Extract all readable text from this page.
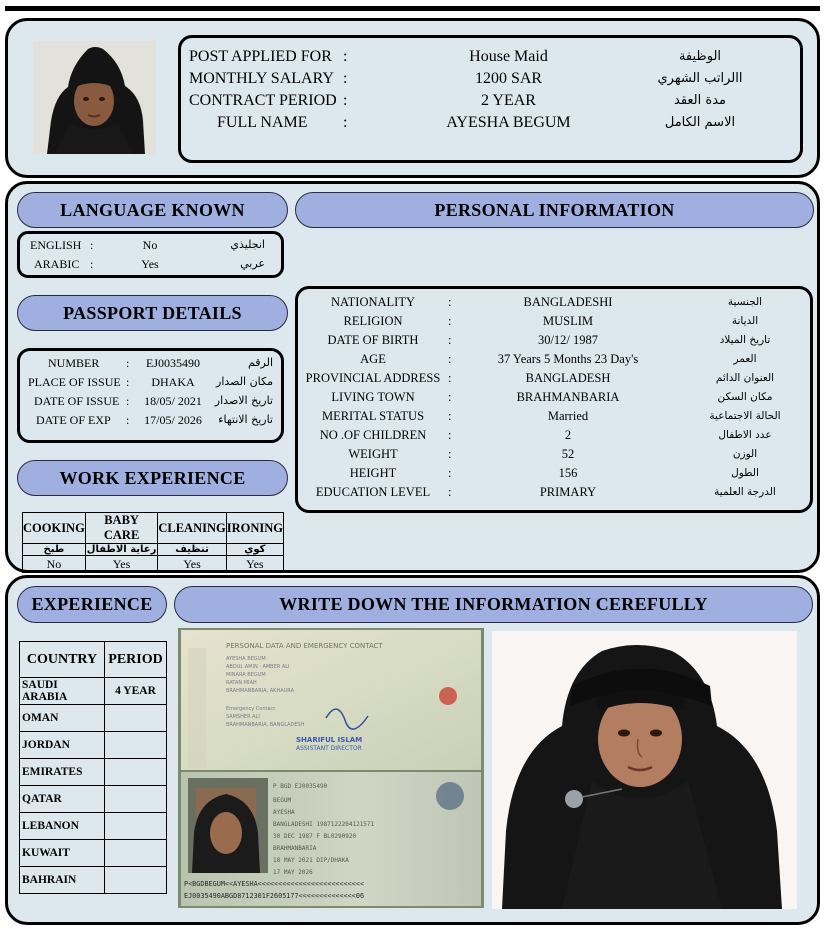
POST APPLIED FOR :	House Maid	الوظيفة
MONTHLY SALARY :	1200 SAR	االراتب الشهري
CONTRACT PERIOD :	2 YEAR	مدة العقد
FULL NAME :	AYESHA BEGUM	الاسم الكامل
LANGUAGE KNOWN	PERSONAL INFORMATION
ENGLISH :	No	انجليذي
ARABIC :	Yes	عربي
PASSPORT DETAILS
NUMBER :	EJ0035490	الرقم
PLACE OF ISSUE :	DHAKA	مكان الصدار
DATE OF ISSUE :	18/05/ 2021	تاريخ الاصدار
DATE OF EXP :	17/05/ 2026	تاريخ الانتهاء
WORK EXPERIENCE
COOKING	BABY CARE	CLEANING	IRONING
طبخ	رعاية الاطفال	تنظيف	كوي
No	Yes	Yes	Yes
NATIONALITY	:	BANGLADESHI	الجنسية
RELIGION	:	MUSLIM	الديانة
DATE OF BIRTH	:	30/12/ 1987	تاريخ الميلاد
AGE	:	37 Years 5 Months 23 Day's	العمر
PROVINCIAL ADDRESS :	BANGLADESH	العنوان الدائم
LIVING TOWN	:	BRAHMANBARIA	مكان السكن
MERITAL STATUS	:	Married	الحالة الاجتماعية
NO .OF CHILDREN	:	2	عدد الاطفال
WEIGHT	:	52	الوزن
HEIGHT	:	156	الطول
EDUCATION LEVEL	:	PRIMARY	الدرجة العلمية
EXPERIENCE	WRITE DOWN THE INFORMATION CEREFULLY
COUNTRY	PERIOD
SAUDI ARABIA	4 YEAR
OMAN	
JORDAN	
EMIRATES	
QATAR	
LEBANON	
KUWAIT	
BAHRAIN	
PERSONAL DATA AND EMERGENCY CONTACT
AYESHA BEGUM
ABDUL AMIN · AMBER ALI
MINARA BEGUM
RATAN MIAH
BRAHMANBARIA, AKHAURA
Emergency Contact
SAMSHER ALI
BRAHMANBARIA, BANGLADESH
SHARIFUL ISLAM
ASSISTANT DIRECTOR
P BGD EJ0035490
BEGUM
AYESHA
BANGLADESHI 1987122204121571
30 DEC 1987 F BL0290920
BRAHMANBARIA
18 MAY 2021 DIP/DHAKA
17 MAY 2026
P<BGDBEGUM<<AYESHA<<<<<<<<<<<<<<<<<<<<<<<<<<
EJ0035490ABGD8712301F2605177<<<<<<<<<<<<<<06
